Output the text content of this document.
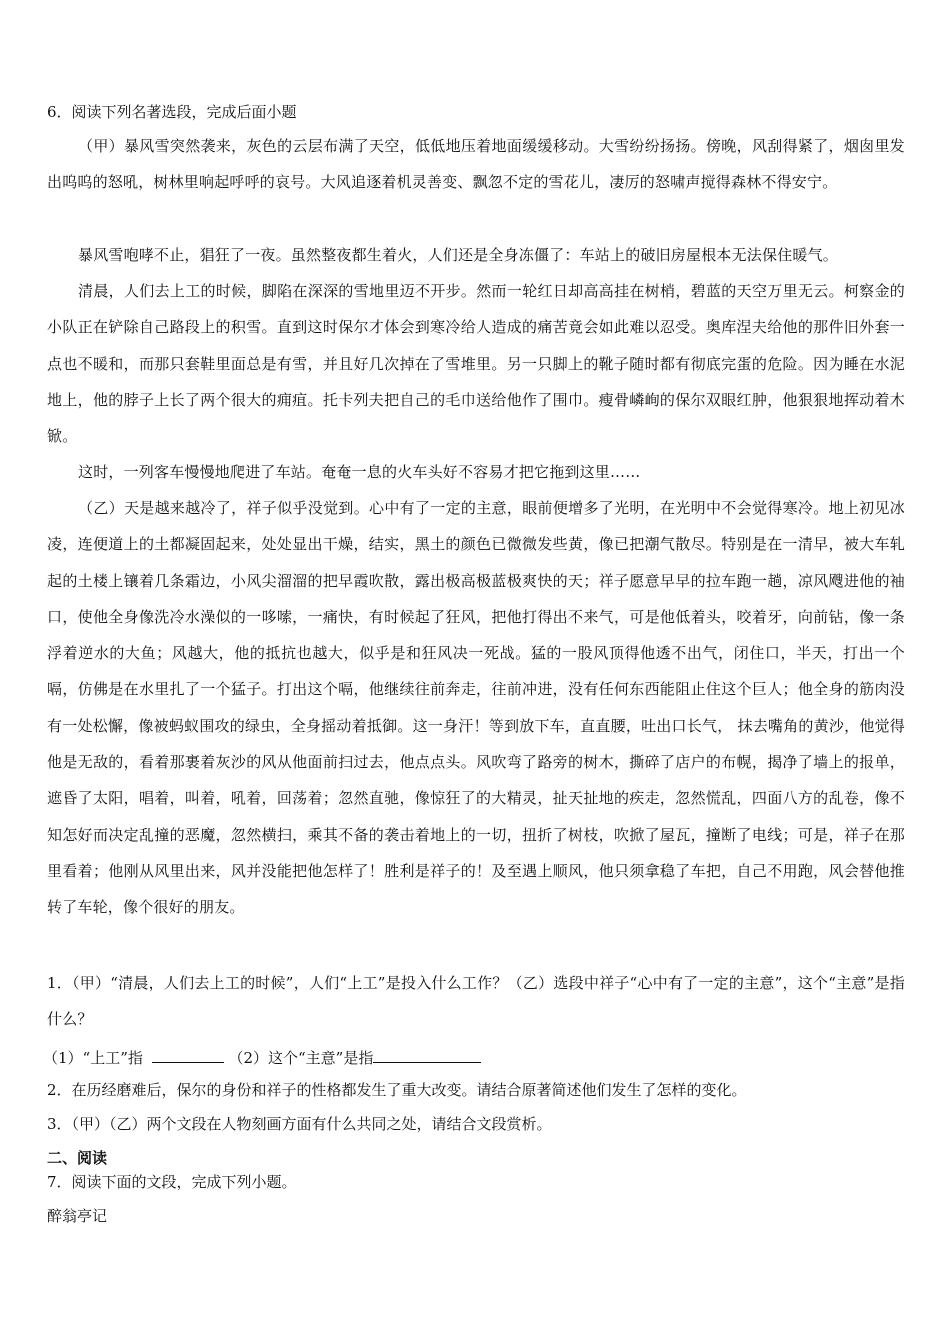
6．阅读下列名著选段，完成后面小题
（甲）暴风雪突然袭来，灰色的云层布满了天空，低低地压着地面缓缓移动。大雪纷纷扬扬。傍晚，风刮得紧了，烟囱里发出呜呜的怒吼，树林里响起呼呼的哀号。大风追逐着机灵善变、飘忽不定的雪花儿，凄厉的怒啸声搅得森林不得安宁。
暴风雪咆哮不止，猖狂了一夜。虽然整夜都生着火，人们还是全身冻僵了：车站上的破旧房屋根本无法保住暖气。
清晨，人们去上工的时候，脚陷在深深的雪地里迈不开步。然而一轮红日却高高挂在树梢，碧蓝的天空万里无云。柯察金的小队正在铲除自己路段上的积雪。直到这时保尔才体会到寒冷给人造成的痛苦竟会如此难以忍受。奥库涅夫给他的那件旧外套一点也不暖和，而那只套鞋里面总是有雪，并且好几次掉在了雪堆里。另一只脚上的靴子随时都有彻底完蛋的危险。因为睡在水泥地上，他的脖子上长了两个很大的痈疽。托卡列夫把自己的毛巾送给他作了围巾。瘦骨嶙峋的保尔双眼红肿，他狠狠地挥动着木锨。
这时，一列客车慢慢地爬进了车站。奄奄一息的火车头好不容易才把它拖到这里……
（乙）天是越来越冷了，祥子似乎没觉到。心中有了一定的主意，眼前便增多了光明，在光明中不会觉得寒冷。地上初见冰凌，连便道上的土都凝固起来，处处显出干燥，结实，黑土的颜色已微微发些黄，像已把潮气散尽。特别是在一清早，被大车轧起的土楼上镶着几条霜边，小风尖溜溜的把早霞吹散，露出极高极蓝极爽快的天；祥子愿意早早的拉车跑一趟，凉风飕进他的袖口，使他全身像洗冷水澡似的一哆嗦，一痛快，有时候起了狂风，把他打得出不来气，可是他低着头，咬着牙，向前钻，像一条浮着逆水的大鱼；风越大，他的抵抗也越大，似乎是和狂风决一死战。猛的一股风顶得他透不出气，闭住口，半天，打出一个嗝，仿佛是在水里扎了一个猛子。打出这个嗝，他继续往前奔走，往前冲进，没有任何东西能阻止住这个巨人；他全身的筋肉没有一处松懈，像被蚂蚁围攻的绿虫，全身摇动着抵御。这一身汗！等到放下车，直直腰，吐出口长气， 抹去嘴角的黄沙，他觉得他是无敌的，看着那裹着灰沙的风从他面前扫过去，他点点头。风吹弯了路旁的树木，撕碎了店户的布幌，揭净了墙上的报单，遮昏了太阳，唱着，叫着，吼着，回荡着；忽然直驰，像惊狂了的大精灵，扯天扯地的疾走，忽然慌乱，四面八方的乱卷，像不知怎好而决定乱撞的恶魔，忽然横扫，乘其不备的袭击着地上的一切，扭折了树枝，吹掀了屋瓦，撞断了电线；可是，祥子在那里看着；他刚从风里出来，风并没能把他怎样了！胜利是祥子的！及至遇上顺风，他只须拿稳了车把，自己不用跑，风会替他推转了车轮，像个很好的朋友。
1．（甲）“清晨，人们去上工的时候”，人们“上工”是投入什么工作？（乙）选段中祥子“心中有了一定的主意”，这个“主意”是指什么？
（1）“上工”指	（2）这个“主意”是指
2．在历经磨难后，保尔的身份和祥子的性格都发生了重大改变。请结合原著简述他们发生了怎样的变化。
3．（甲）（乙）两个文段在人物刻画方面有什么共同之处，请结合文段赏析。
二、阅读
7．阅读下面的文段，完成下列小题。
醉翁亭记
